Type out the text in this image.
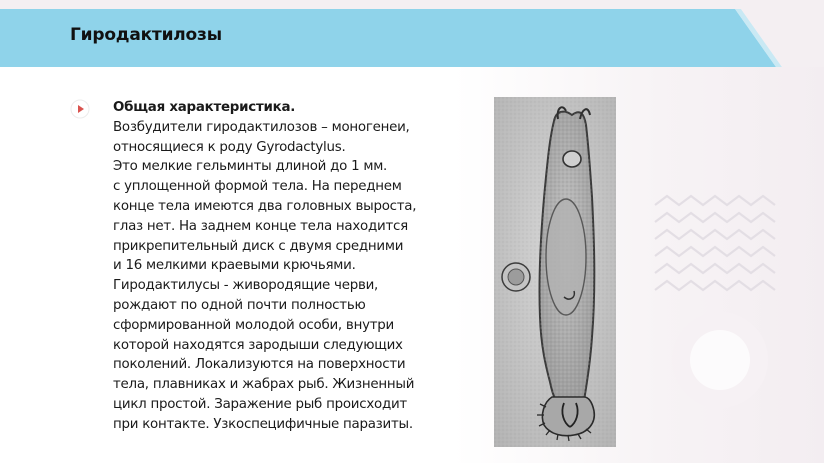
Гиродактилозы
Общая характеристика.
Возбудители гиродактилозов – моногенеи,
относящиеся к роду Gyrodactylus.
Это мелкие гельминты длиной до 1 мм.
с уплощенной формой тела. На переднем
конце тела имеются два головных выроста,
глаз нет. На заднем конце тела находится
прикрепительный диск с двумя средними
и 16 мелкими краевыми крючьями.
Гиродактилусы - живородящие черви,
рождают по одной почти полностью
сформированной молодой особи, внутри
которой находятся зародыши следующих
поколений. Локализуются на поверхности
тела, плавниках и жабрах рыб. Жизненный
цикл простой. Заражение рыб происходит
при контакте. Узкоспецифичные паразиты.
